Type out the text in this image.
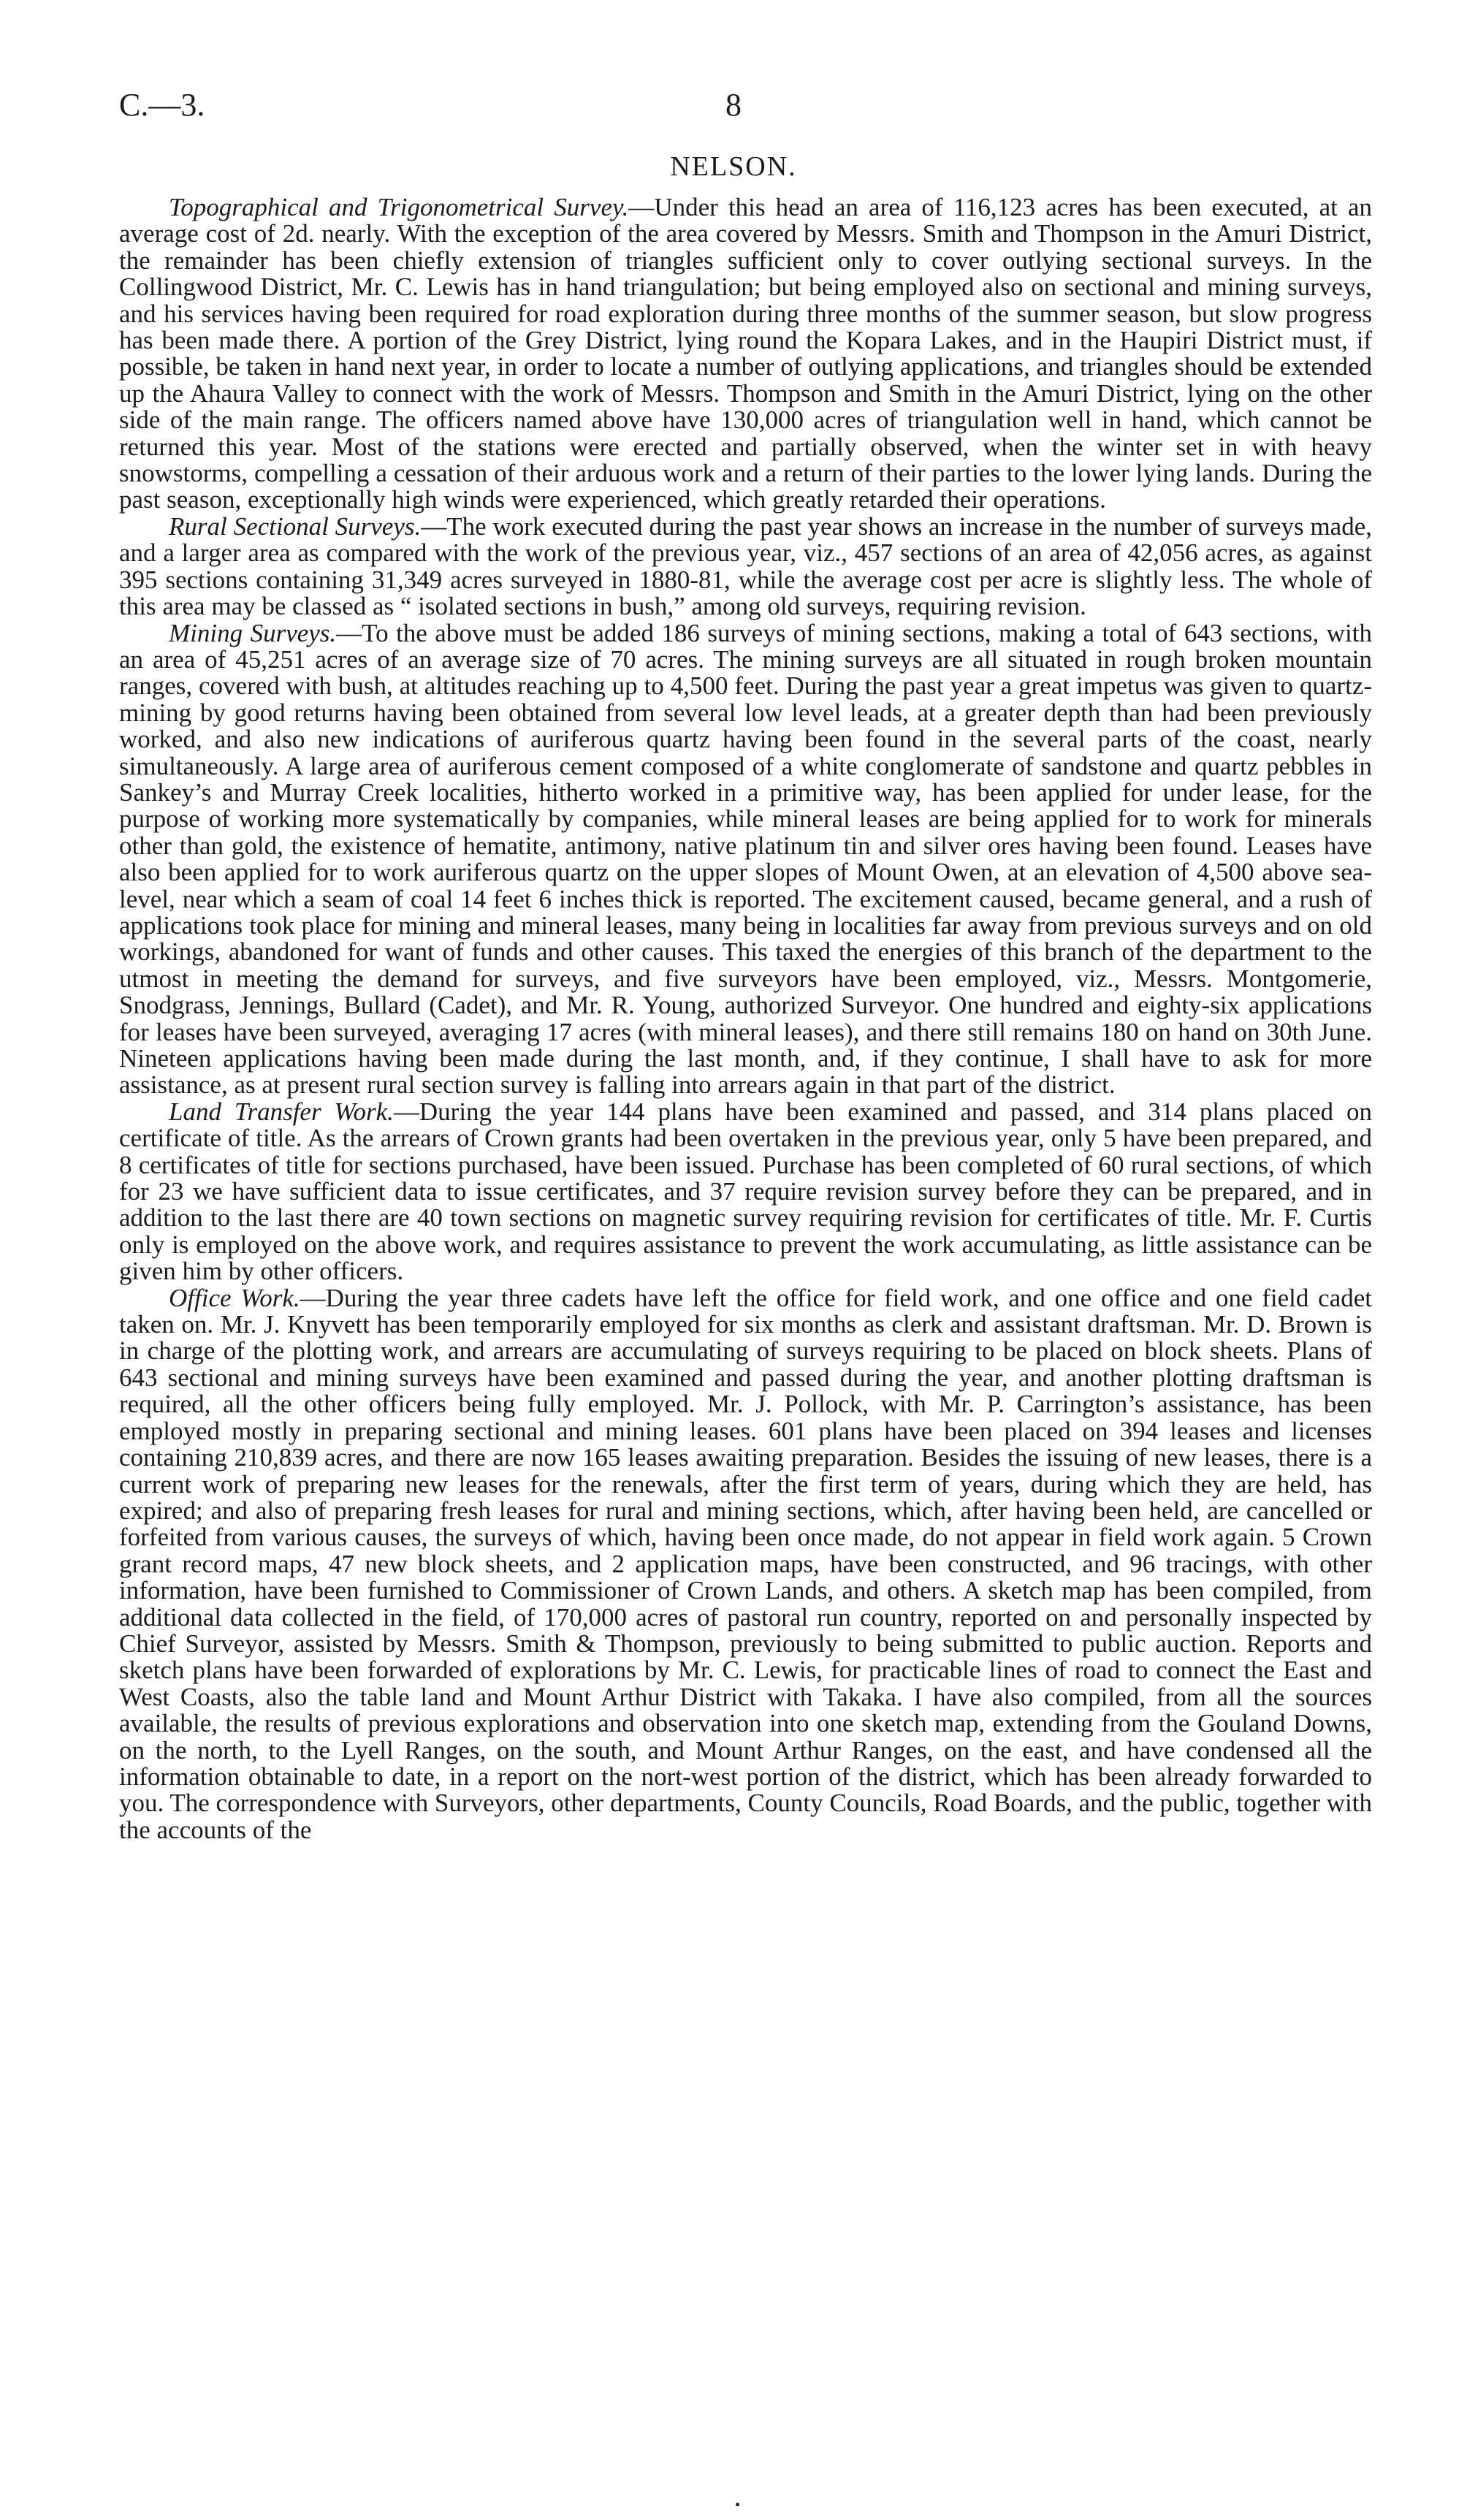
C.—3.	8
NELSON.

Topographical and Trigonometrical Survey.—Under this head an area of 116,123 acres has been executed, at an average cost of 2d. nearly. With the exception of the area covered by Messrs. Smith and Thompson in the Amuri District, the remainder has been chiefly extension of triangles sufficient only to cover outlying sectional surveys. In the Collingwood District, Mr. C. Lewis has in hand triangulation; but being employed also on sectional and mining surveys, and his services having been required for road exploration during three months of the summer season, but slow progress has been made there. A portion of the Grey District, lying round the Kopara Lakes, and in the Haupiri District must, if possible, be taken in hand next year, in order to locate a number of outlying applications, and triangles should be extended up the Ahaura Valley to connect with the work of Messrs. Thompson and Smith in the Amuri District, lying on the other side of the main range. The officers named above have 130,000 acres of triangulation well in hand, which cannot be returned this year. Most of the stations were erected and partially observed, when the winter set in with heavy snowstorms, compelling a cessation of their arduous work and a return of their parties to the lower lying lands. During the past season, exceptionally high winds were experienced, which greatly retarded their operations.

Rural Sectional Surveys.—The work executed during the past year shows an increase in the number of surveys made, and a larger area as compared with the work of the previous year, viz., 457 sections of an area of 42,056 acres, as against 395 sections containing 31,349 acres surveyed in 1880-81, while the average cost per acre is slightly less. The whole of this area may be classed as “ isolated sections in bush,” among old surveys, requiring revision.

Mining Surveys.—To the above must be added 186 surveys of mining sections, making a total of 643 sections, with an area of 45,251 acres of an average size of 70 acres. The mining surveys are all situated in rough broken mountain ranges, covered with bush, at altitudes reaching up to 4,500 feet. During the past year a great impetus was given to quartz-mining by good returns having been obtained from several low level leads, at a greater depth than had been previously worked, and also new indications of auriferous quartz having been found in the several parts of the coast, nearly simultaneously. A large area of auriferous cement composed of a white conglomerate of sandstone and quartz pebbles in Sankey’s and Murray Creek localities, hitherto worked in a primitive way, has been applied for under lease, for the purpose of working more systematically by companies, while mineral leases are being applied for to work for minerals other than gold, the existence of hematite, antimony, native platinum tin and silver ores having been found. Leases have also been applied for to work auriferous quartz on the upper slopes of Mount Owen, at an elevation of 4,500 above sea-level, near which a seam of coal 14 feet 6 inches thick is reported. The excitement caused, became general, and a rush of applications took place for mining and mineral leases, many being in localities far away from previous surveys and on old workings, abandoned for want of funds and other causes. This taxed the energies of this branch of the department to the utmost in meeting the demand for surveys, and five surveyors have been employed, viz., Messrs. Montgomerie, Snodgrass, Jennings, Bullard (Cadet), and Mr. R. Young, authorized Surveyor. One hundred and eighty-six applications for leases have been surveyed, averaging 17 acres (with mineral leases), and there still remains 180 on hand on 30th June. Nineteen applications having been made during the last month, and, if they continue, I shall have to ask for more assistance, as at present rural section survey is falling into arrears again in that part of the district.

Land Transfer Work.—During the year 144 plans have been examined and passed, and 314 plans placed on certificate of title. As the arrears of Crown grants had been overtaken in the previous year, only 5 have been prepared, and 8 certificates of title for sections purchased, have been issued. Purchase has been completed of 60 rural sections, of which for 23 we have sufficient data to issue certificates, and 37 require revision survey before they can be prepared, and in addition to the last there are 40 town sections on magnetic survey requiring revision for certificates of title. Mr. F. Curtis only is employed on the above work, and requires assistance to prevent the work accumulating, as little assistance can be given him by other officers.

Office Work.—During the year three cadets have left the office for field work, and one office and one field cadet taken on. Mr. J. Knyvett has been temporarily employed for six months as clerk and assistant draftsman. Mr. D. Brown is in charge of the plotting work, and arrears are accumulating of surveys requiring to be placed on block sheets. Plans of 643 sectional and mining surveys have been examined and passed during the year, and another plotting draftsman is required, all the other officers being fully employed. Mr. J. Pollock, with Mr. P. Carrington’s assistance, has been employed mostly in preparing sectional and mining leases. 601 plans have been placed on 394 leases and licenses containing 210,839 acres, and there are now 165 leases awaiting preparation. Besides the issuing of new leases, there is a current work of preparing new leases for the renewals, after the first term of years, during which they are held, has expired; and also of preparing fresh leases for rural and mining sections, which, after having been held, are cancelled or forfeited from various causes, the surveys of which, having been once made, do not appear in field work again. 5 Crown grant record maps, 47 new block sheets, and 2 application maps, have been constructed, and 96 tracings, with other information, have been furnished to Commissioner of Crown Lands, and others. A sketch map has been compiled, from additional data collected in the field, of 170,000 acres of pastoral run country, reported on and personally inspected by Chief Surveyor, assisted by Messrs. Smith & Thompson, previously to being submitted to public auction. Reports and sketch plans have been forwarded of explorations by Mr. C. Lewis, for practicable lines of road to connect the East and West Coasts, also the table land and Mount Arthur District with Takaka. I have also compiled, from all the sources available, the results of previous explorations and observation into one sketch map, extending from the Gouland Downs, on the north, to the Lyell Ranges, on the south, and Mount Arthur Ranges, on the east, and have condensed all the information obtainable to date, in a report on the nort-west portion of the district, which has been already forwarded to you. The correspondence with Surveyors, other departments, County Councils, Road Boards, and the public, together with the accounts of the

•
